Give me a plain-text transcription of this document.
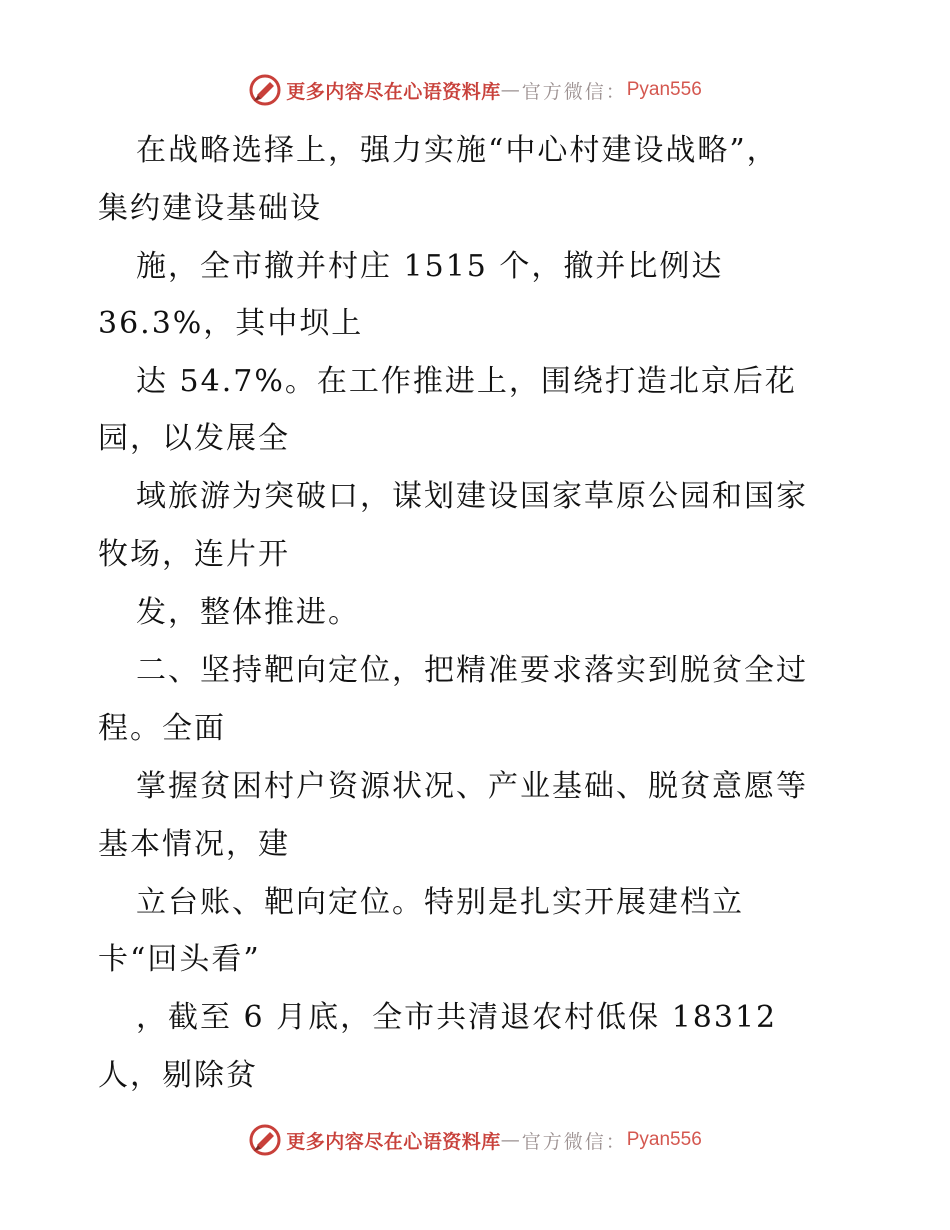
更多内容尽在心语资料库 — 官方微信： Pyan556
在战略选择上，强力实施“中心村建设战略”，
集约建设基础设
施，全市撤并村庄 1515 个，撤并比例达
36.3%，其中坝上
达 54.7%。在工作推进上，围绕打造北京后花
园，以发展全
域旅游为突破口，谋划建设国家草原公园和国家
牧场，连片开
发，整体推进。
二、坚持靶向定位，把精准要求落实到脱贫全过
程。全面
掌握贫困村户资源状况、产业基础、脱贫意愿等
基本情况，建
立台账、靶向定位。特别是扎实开展建档立
卡“回头看”
，截至 6 月底，全市共清退农村低保 18312
人，剔除贫
更多内容尽在心语资料库 — 官方微信： Pyan556
